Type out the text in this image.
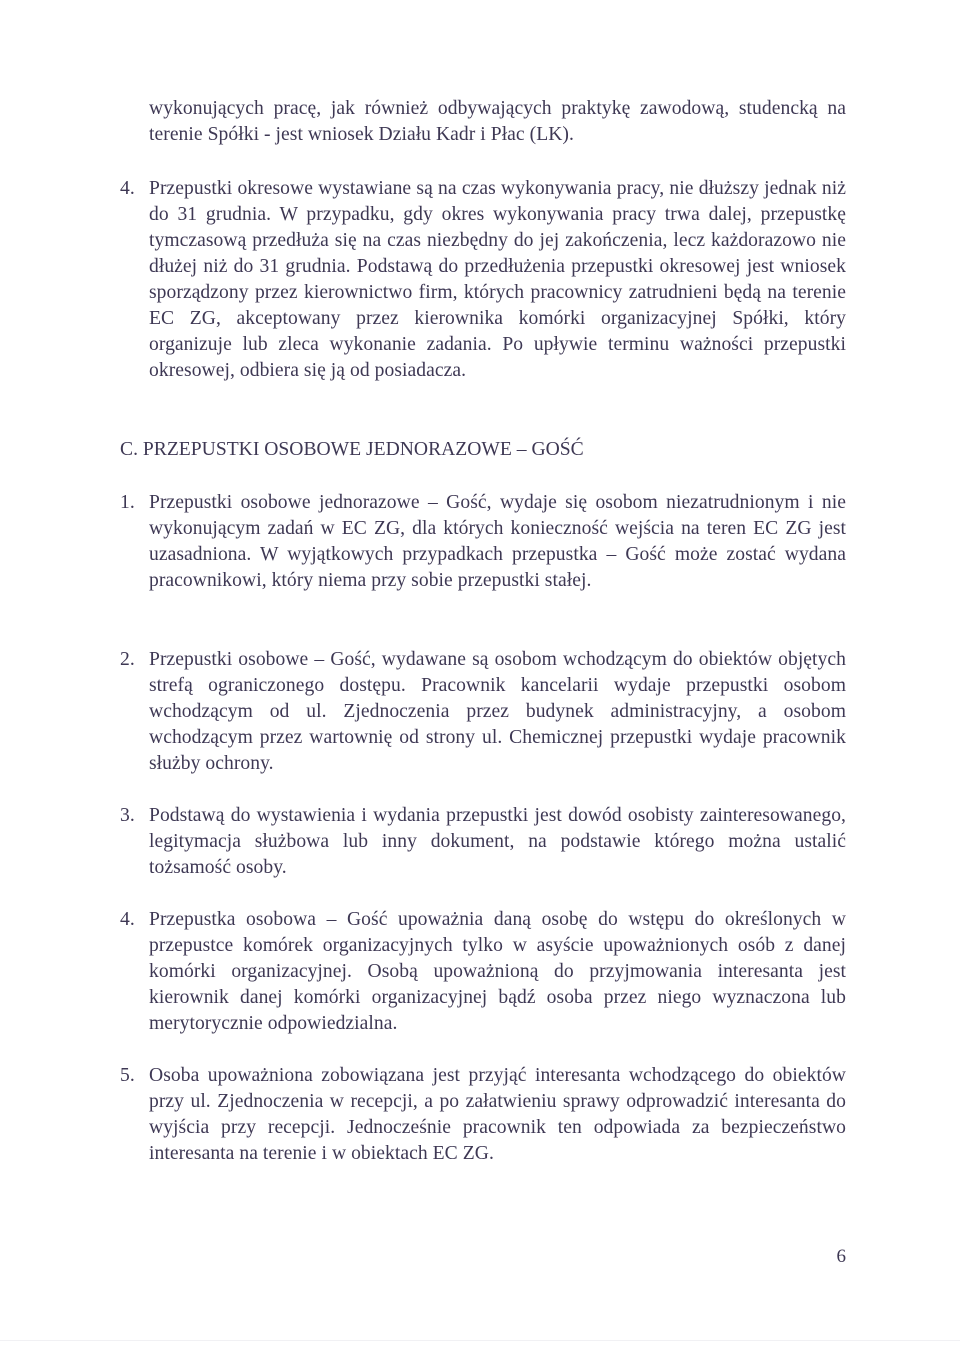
wykonujących pracę, jak również odbywających praktykę zawodową, studencką na terenie Spółki - jest wniosek Działu Kadr i Płac (LK).

4. Przepustki okresowe wystawiane są na czas wykonywania pracy, nie dłuższy jednak niż do 31 grudnia. W przypadku, gdy okres wykonywania pracy trwa dalej, przepustkę tymczasową przedłuża się na czas niezbędny do jej zakończenia, lecz każdorazowo nie dłużej niż do 31 grudnia. Podstawą do przedłużenia przepustki okresowej jest wniosek sporządzony przez kierownictwo firm, których pracownicy zatrudnieni będą na terenie EC ZG, akceptowany przez kierownika komórki organizacyjnej Spółki, który organizuje lub zleca wykonanie zadania. Po upływie terminu ważności przepustki okresowej, odbiera się ją od posiadacza.
C. PRZEPUSTKI OSOBOWE JEDNORAZOWE – GOŚĆ
1. Przepustki osobowe jednorazowe – Gość, wydaje się osobom niezatrudnionym i nie wykonującym zadań w EC ZG, dla których konieczność wejścia na teren EC ZG jest uzasadniona. W wyjątkowych przypadkach przepustka – Gość może zostać wydana pracownikowi, który niema przy sobie przepustki stałej.
2. Przepustki osobowe – Gość, wydawane są osobom wchodzącym do obiektów objętych strefą ograniczonego dostępu. Pracownik kancelarii wydaje przepustki osobom wchodzącym od ul. Zjednoczenia przez budynek administracyjny, a osobom wchodzącym przez wartownię od strony ul. Chemicznej przepustki wydaje pracownik służby ochrony.
3. Podstawą do wystawienia i wydania przepustki jest dowód osobisty zainteresowanego, legitymacja służbowa lub inny dokument, na podstawie którego można ustalić tożsamość osoby.
4. Przepustka osobowa – Gość upoważnia daną osobę do wstępu do określonych w przepustce komórek organizacyjnych tylko w asyście upoważnionych osób z danej komórki organizacyjnej. Osobą upoważnioną do przyjmowania interesanta jest kierownik danej komórki organizacyjnej bądź osoba przez niego wyznaczona lub merytorycznie odpowiedzialna.
5. Osoba upoważniona zobowiązana jest przyjąć interesanta wchodzącego do obiektów przy ul. Zjednoczenia w recepcji, a po załatwieniu sprawy odprowadzić interesanta do wyjścia przy recepcji. Jednocześnie pracownik ten odpowiada za bezpieczeństwo interesanta na terenie i w obiektach EC ZG.
6
